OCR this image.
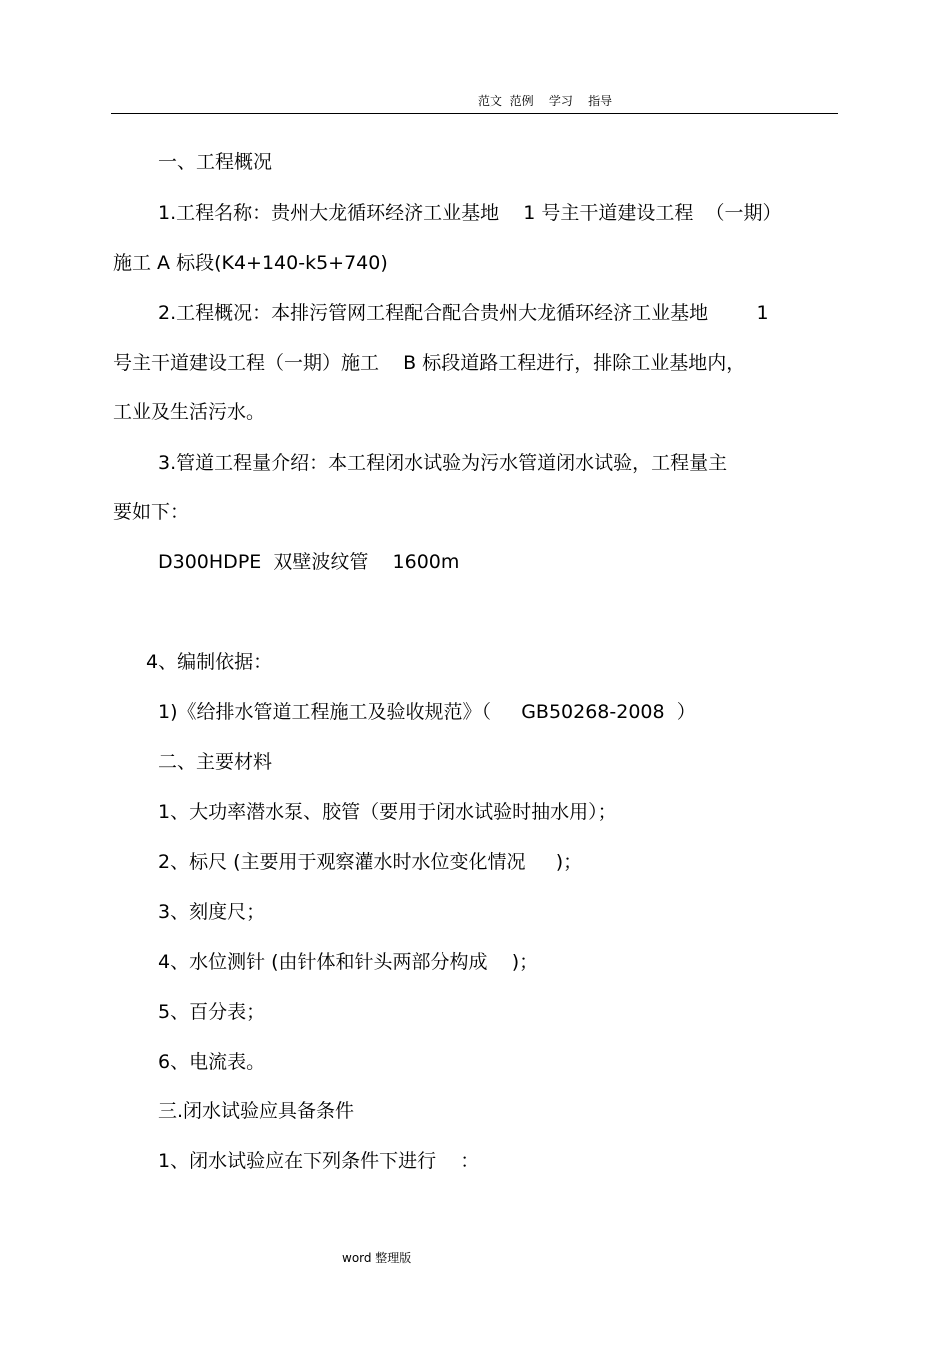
范文  范例    学习    指导
一、工程概况
1.工程名称：贵州大龙循环经济工业基地    1 号主干道建设工程  （一期）
施工 A 标段(K4+140-k5+740)
2.工程概况：本排污管网工程配合配合贵州大龙循环经济工业基地        1
号主干道建设工程（一期）施工    B 标段道路工程进行，排除工业基地内，
工业及生活污水。
3.管道工程量介绍：本工程闭水试验为污水管道闭水试验，工程量主
要如下：
D300HDPE  双壁波纹管    1600m
4、编制依据：
1)《给排水管道工程施工及验收规范》（     GB50268-2008  ）
二、主要材料
1、大功率潜水泵、胶管（要用于闭水试验时抽水用）；
2、标尺 (主要用于观察灌水时水位变化情况     )；
3、刻度尺；
4、水位测针 (由针体和针头两部分构成    )；
5、百分表；
6、电流表。
三.闭水试验应具备条件
1、闭水试验应在下列条件下进行    ：
word 整理版
